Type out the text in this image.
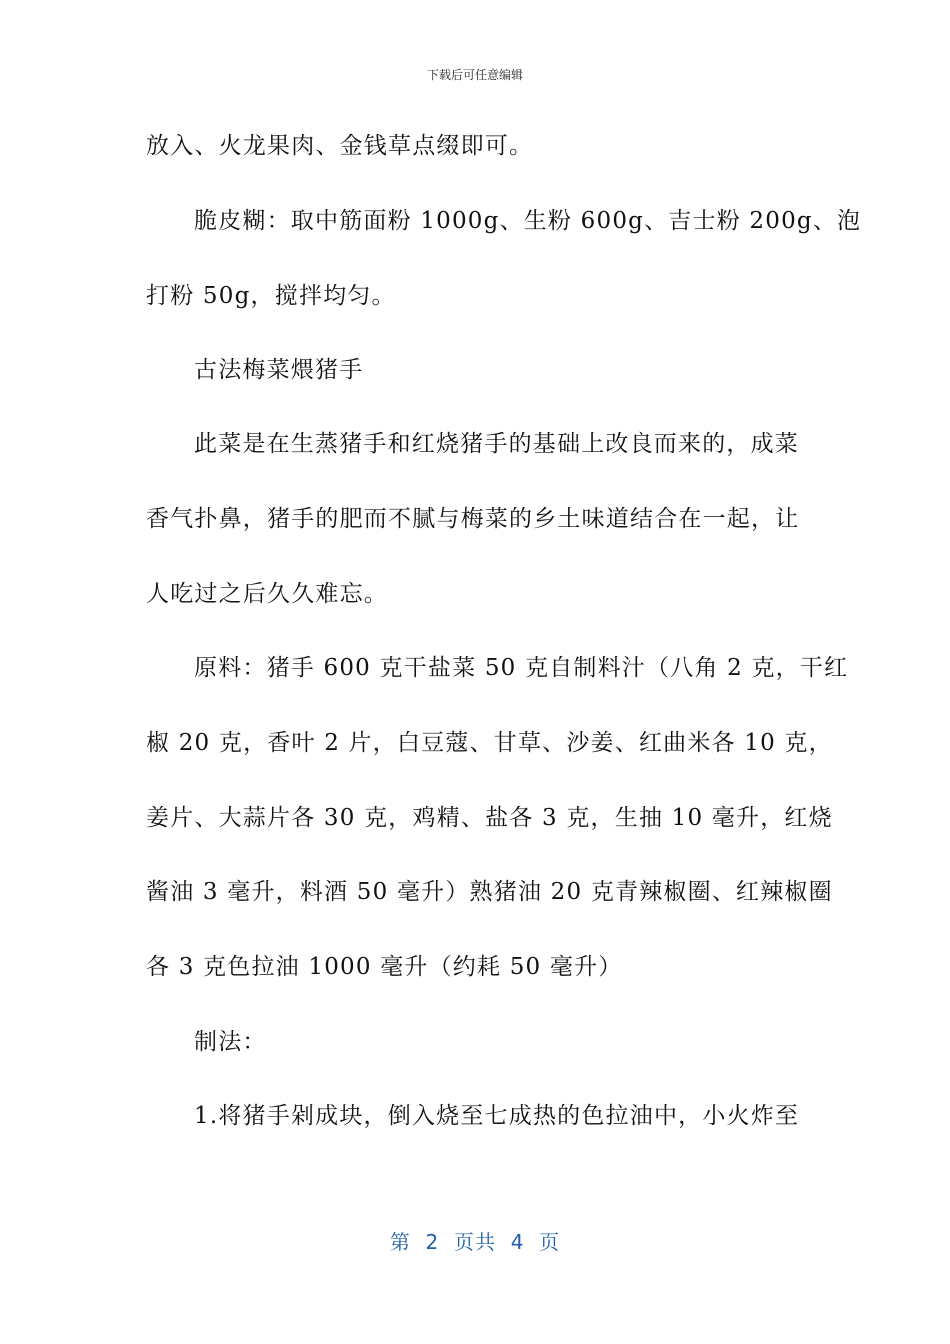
下载后可任意编辑
放入、火龙果肉、金钱草点缀即可。
脆皮糊：取中筋面粉 1000g、生粉 600g、吉士粉 200g、泡
打粉 50g，搅拌均匀。
古法梅菜煨猪手
此菜是在生蒸猪手和红烧猪手的基础上改良而来的，成菜
香气扑鼻，猪手的肥而不腻与梅菜的乡土味道结合在一起，让
人吃过之后久久难忘。
原料：猪手 600 克干盐菜 50 克自制料汁（八角 2 克，干红
椒 20 克，香叶 2 片，白豆蔻、甘草、沙姜、红曲米各 10 克，
姜片、大蒜片各 30 克，鸡精、盐各 3 克，生抽 10 毫升，红烧
酱油 3 毫升，料酒 50 毫升）熟猪油 20 克青辣椒圈、红辣椒圈
各 3 克色拉油 1000 毫升（约耗 50 毫升）
制法：
1.将猪手剁成块，倒入烧至七成热的色拉油中，小火炸至
第  2  页共  4  页
